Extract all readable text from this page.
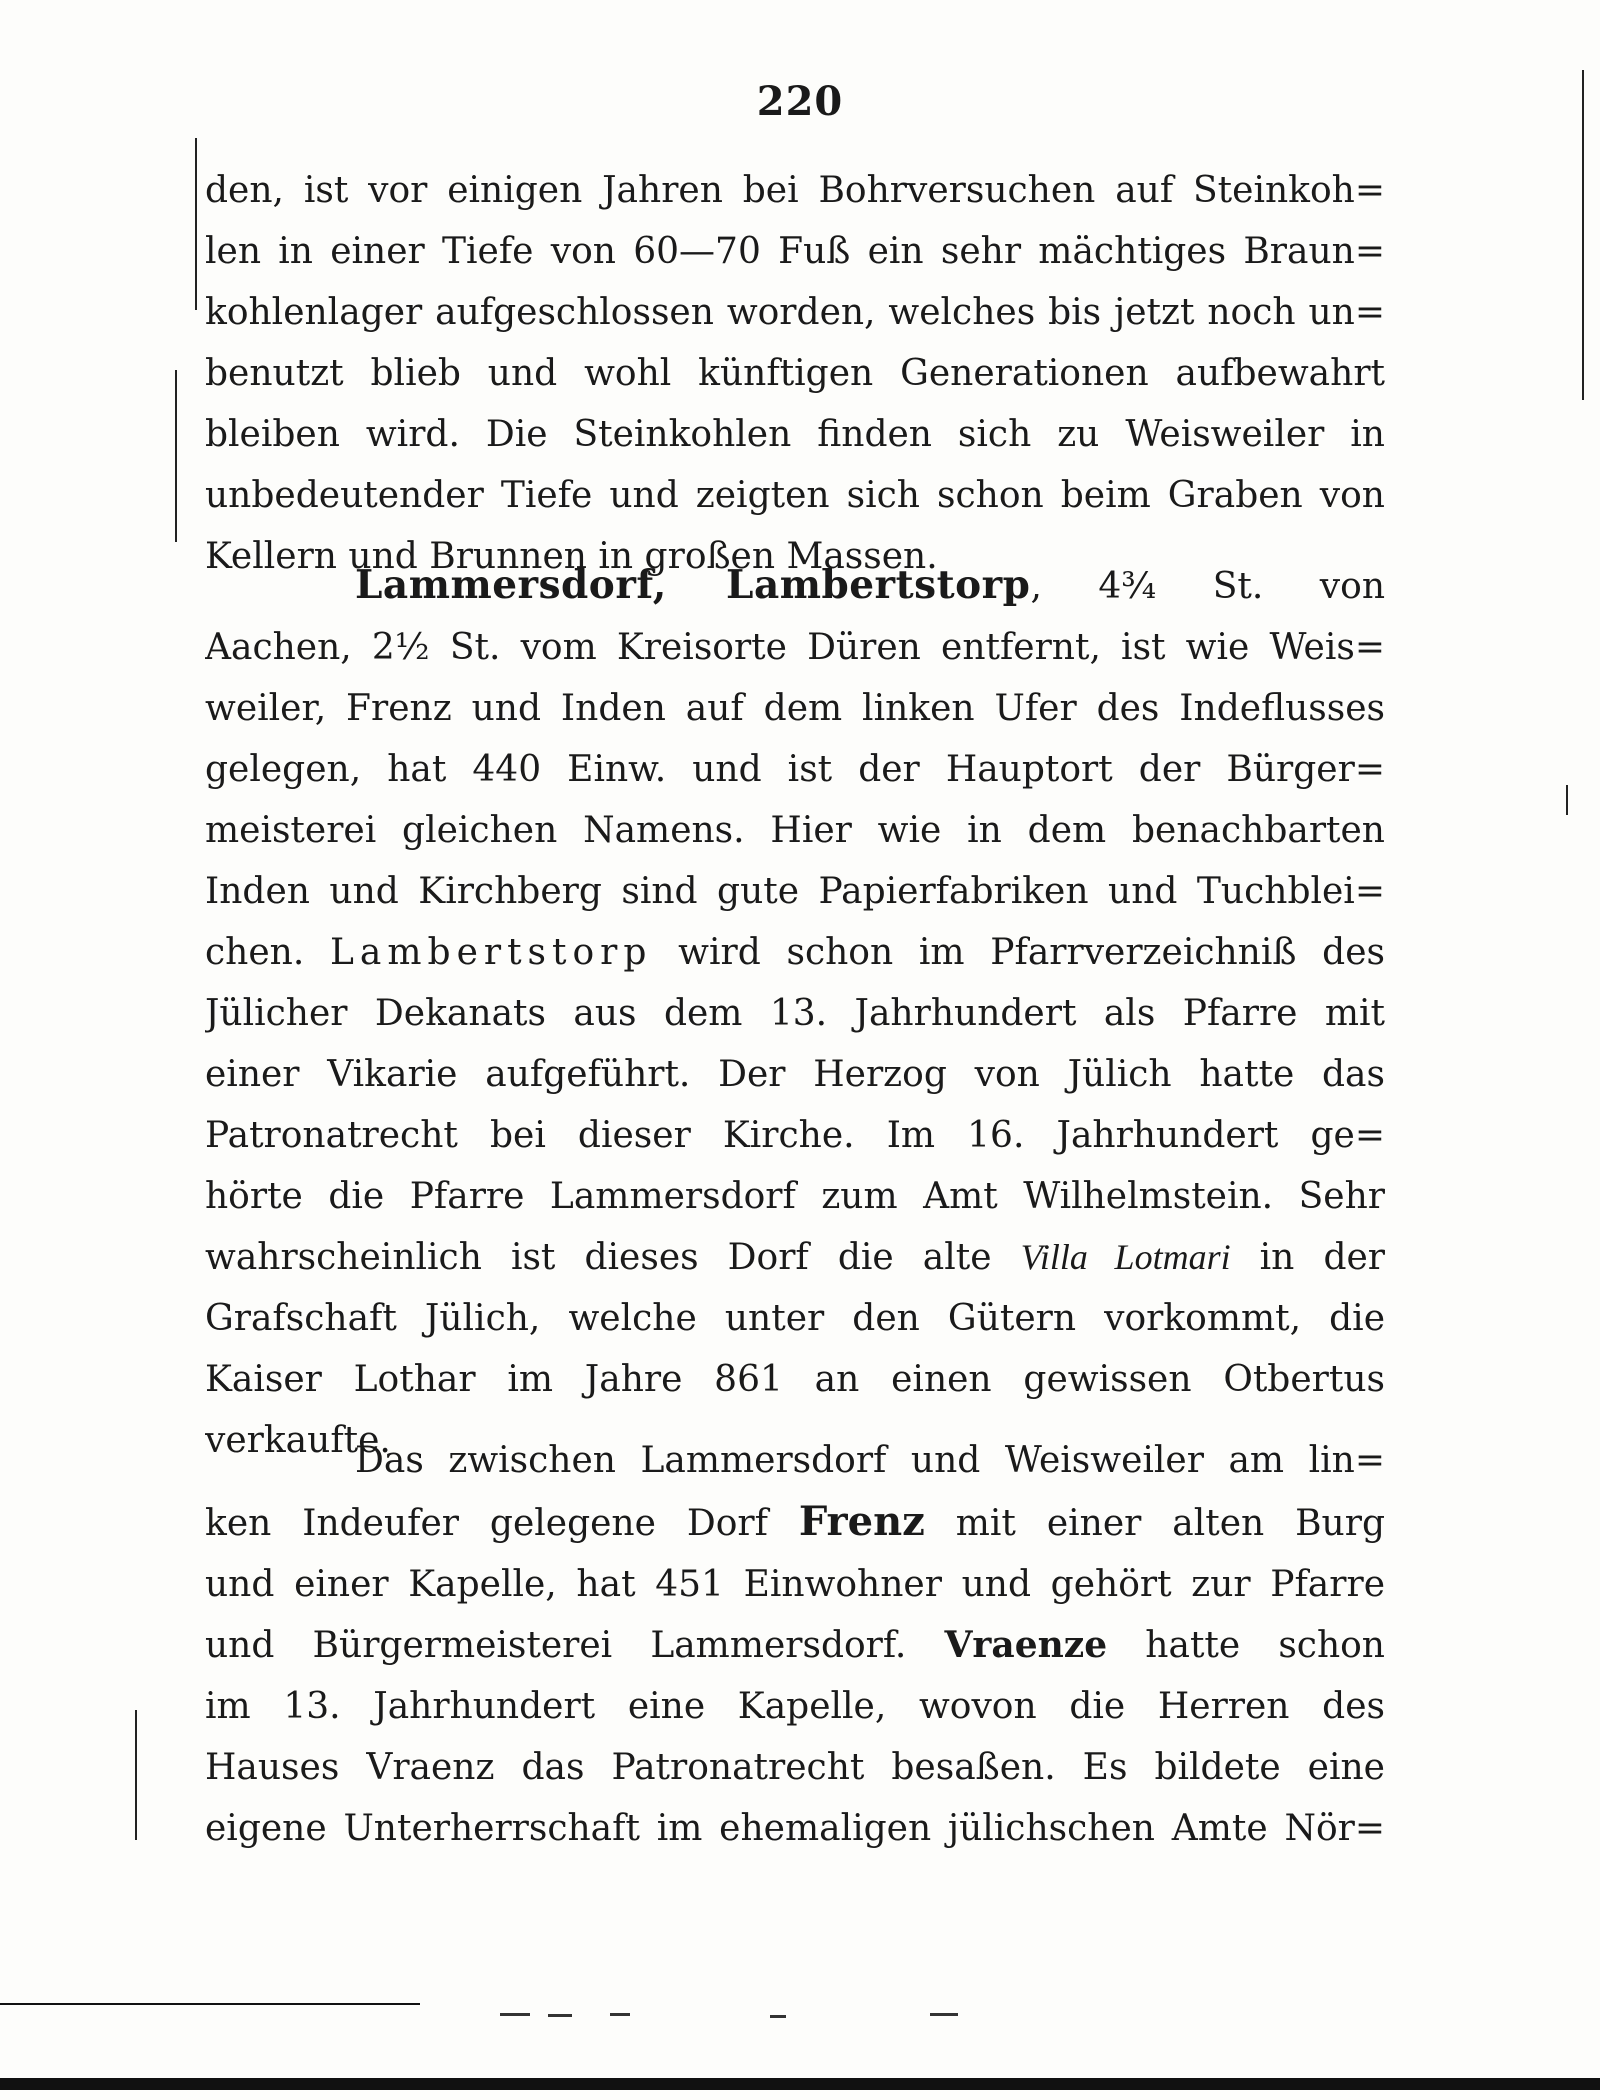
220
den, ist vor einigen Jahren bei Bohrversuchen auf Steinkoh=
len in einer Tiefe von 60—70 Fuß ein sehr mächtiges Braun=
kohlenlager aufgeschlossen worden, welches bis jetzt noch un=
benutzt blieb und wohl künftigen Generationen aufbewahrt
bleiben wird. Die Steinkohlen finden sich zu Weisweiler in
unbedeutender Tiefe und zeigten sich schon beim Graben von
Kellern und Brunnen in großen Massen.
Lammersdorf, Lambertstorp, 4¾ St. von
Aachen, 2½ St. vom Kreisorte Düren entfernt, ist wie Weis=
weiler, Frenz und Inden auf dem linken Ufer des Indeflusses
gelegen, hat 440 Einw. und ist der Hauptort der Bürger=
meisterei gleichen Namens. Hier wie in dem benachbarten
Inden und Kirchberg sind gute Papierfabriken und Tuchblei=
chen. Lambertstorp wird schon im Pfarrverzeichniß des
Jülicher Dekanats aus dem 13. Jahrhundert als Pfarre mit
einer Vikarie aufgeführt. Der Herzog von Jülich hatte das
Patronatrecht bei dieser Kirche. Im 16. Jahrhundert ge=
hörte die Pfarre Lammersdorf zum Amt Wilhelmstein. Sehr
wahrscheinlich ist dieses Dorf die alte Villa Lotmari in der
Grafschaft Jülich, welche unter den Gütern vorkommt, die
Kaiser Lothar im Jahre 861 an einen gewissen Otbertus
verkaufte.
Das zwischen Lammersdorf und Weisweiler am lin=
ken Indeufer gelegene Dorf Frenz mit einer alten Burg
und einer Kapelle, hat 451 Einwohner und gehört zur Pfarre
und Bürgermeisterei Lammersdorf. Vraenze hatte schon
im 13. Jahrhundert eine Kapelle, wovon die Herren des
Hauses Vraenz das Patronatrecht besaßen. Es bildete eine
eigene Unterherrschaft im ehemaligen jülichschen Amte Nör=
